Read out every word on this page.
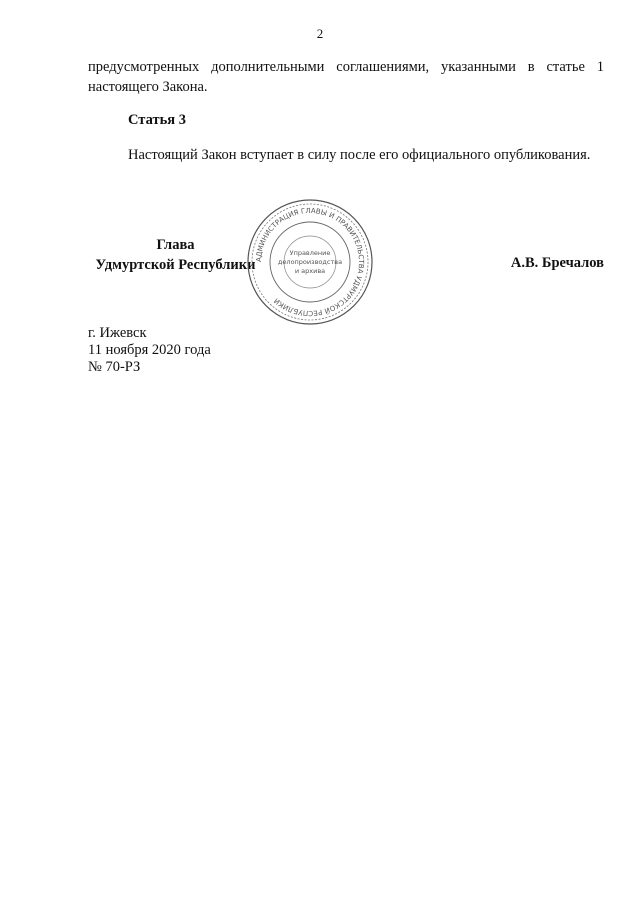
2
предусмотренных дополнительными соглашениями, указанными в статье 1 настоящего Закона.
Статья 3
Настоящий Закон вступает в силу после его официального опубликования.
Глава
Удмуртской Республики АДМИНИСТРАЦИЯ ГЛАВЫ И ПРАВИТЕЛЬСТВА УДМУРТСКОЙ РЕСПУБЛИКИ
Управление
делопроизводства
и архива	А.В. Бречалов
г. Ижевск
11 ноября 2020 года
№ 70-РЗ
